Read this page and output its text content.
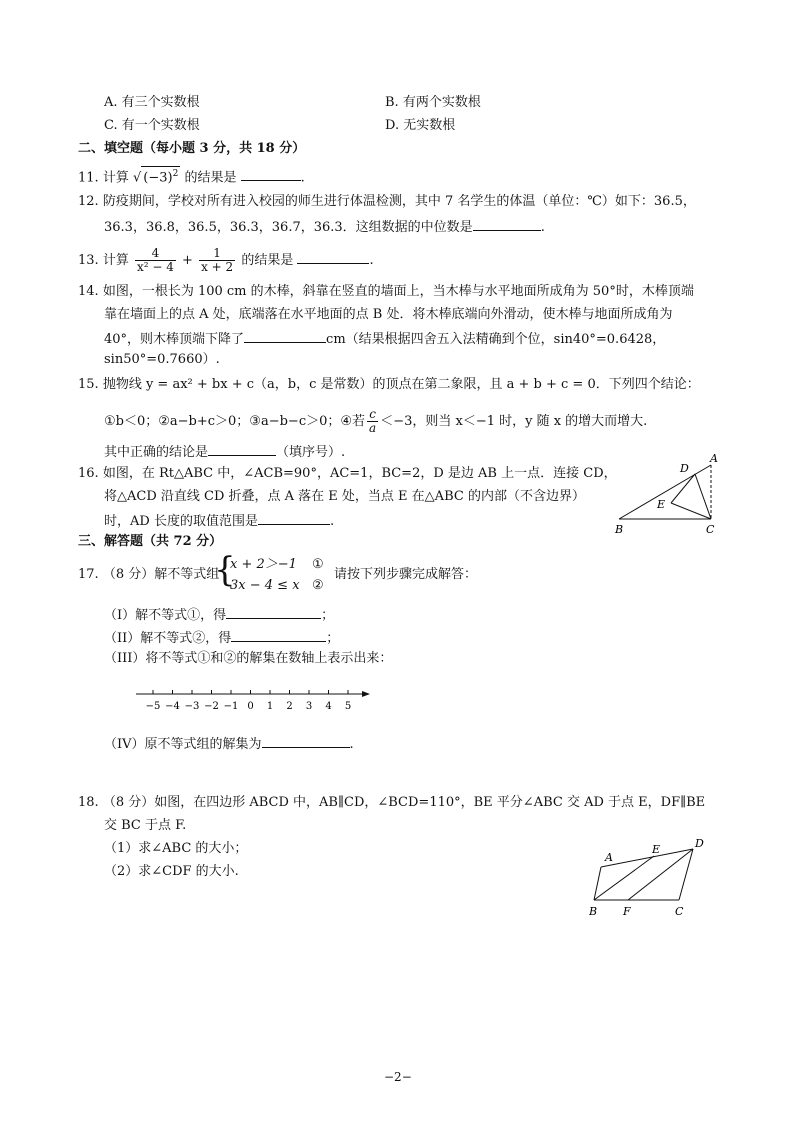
A. 有三个实数根	B. 有两个实数根
C. 有一个实数根	D. 无实数根
二、填空题（每小题 3 分，共 18 分）
11. 计算 √ $(-3)^2$ 的结果是	.
12. 防疫期间，学校对所有进入校园的师生进行体温检测，其中 7 名学生的体温（单位：℃）如下：36.5，
36.3，36.8，36.5，36.3，36.7，36.3．这组数据的中位数是	.
13. 计算 $\frac{4}{\text{x² − 4}} + \frac{1}{x + 2}$ 的结果是	.
14. 如图，一根长为 100 cm 的木棒，斜靠在竖直的墙面上，当木棒与水平地面所成角为 50°时，木棒顶端
靠在墙面上的点 A 处，底端落在水平地面的点 B 处．将木棒底端向外滑动，使木棒与地面所成角为
40°，则木棒顶端下降了	cm（结果根据四舍五入法精确到个位，sin40°=0.6428，
sin50°=0.7660）.
15. 抛物线 y = ax² + bx + c（a，b，c 是常数）的顶点在第二象限，且 a + b + c = 0．下列四个结论：
①b＜0；②a−b+c＞0；③a−b−c＞0；④若 $\frac{c}{a} <-3$，则当 x＜−1 时，y 随 x 的增大而增大.
其中正确的结论是	（填序号）.
16. 如图，在 Rt△ABC 中，∠ACB=90°，AC=1，BC=2，D 是边 AB 上一点．连接 CD，
将△ACD 沿直线 CD 折叠，点 A 落在 E 处，当点 E 在△ABC 的内部（不含边界）
时，AD 长度的取值范围是	.
A
B	C
D
E
三、解答题（共 72 分）
17. （8 分）解不等式组
{
x + 2＞−1
3x − 4 ≤ x
①
②
请按下列步骤完成解答：
（I）解不等式①，得	；
（II）解不等式②，得	；
（III）将不等式①和②的解集在数轴上表示出来：
−5 −4 −3 −2 −1 0 1 2 3 4 5
（IV）原不等式组的解集为	.
18. （8 分）如图，在四边形 ABCD 中，AB∥CD，∠BCD=110°，BE 平分∠ABC 交 AD 于点 E，DF∥BE
交 BC 于点 F.
（1）求∠ABC 的大小；
（2）求∠CDF 的大小.
A
B	C
D
E
F
−2−
